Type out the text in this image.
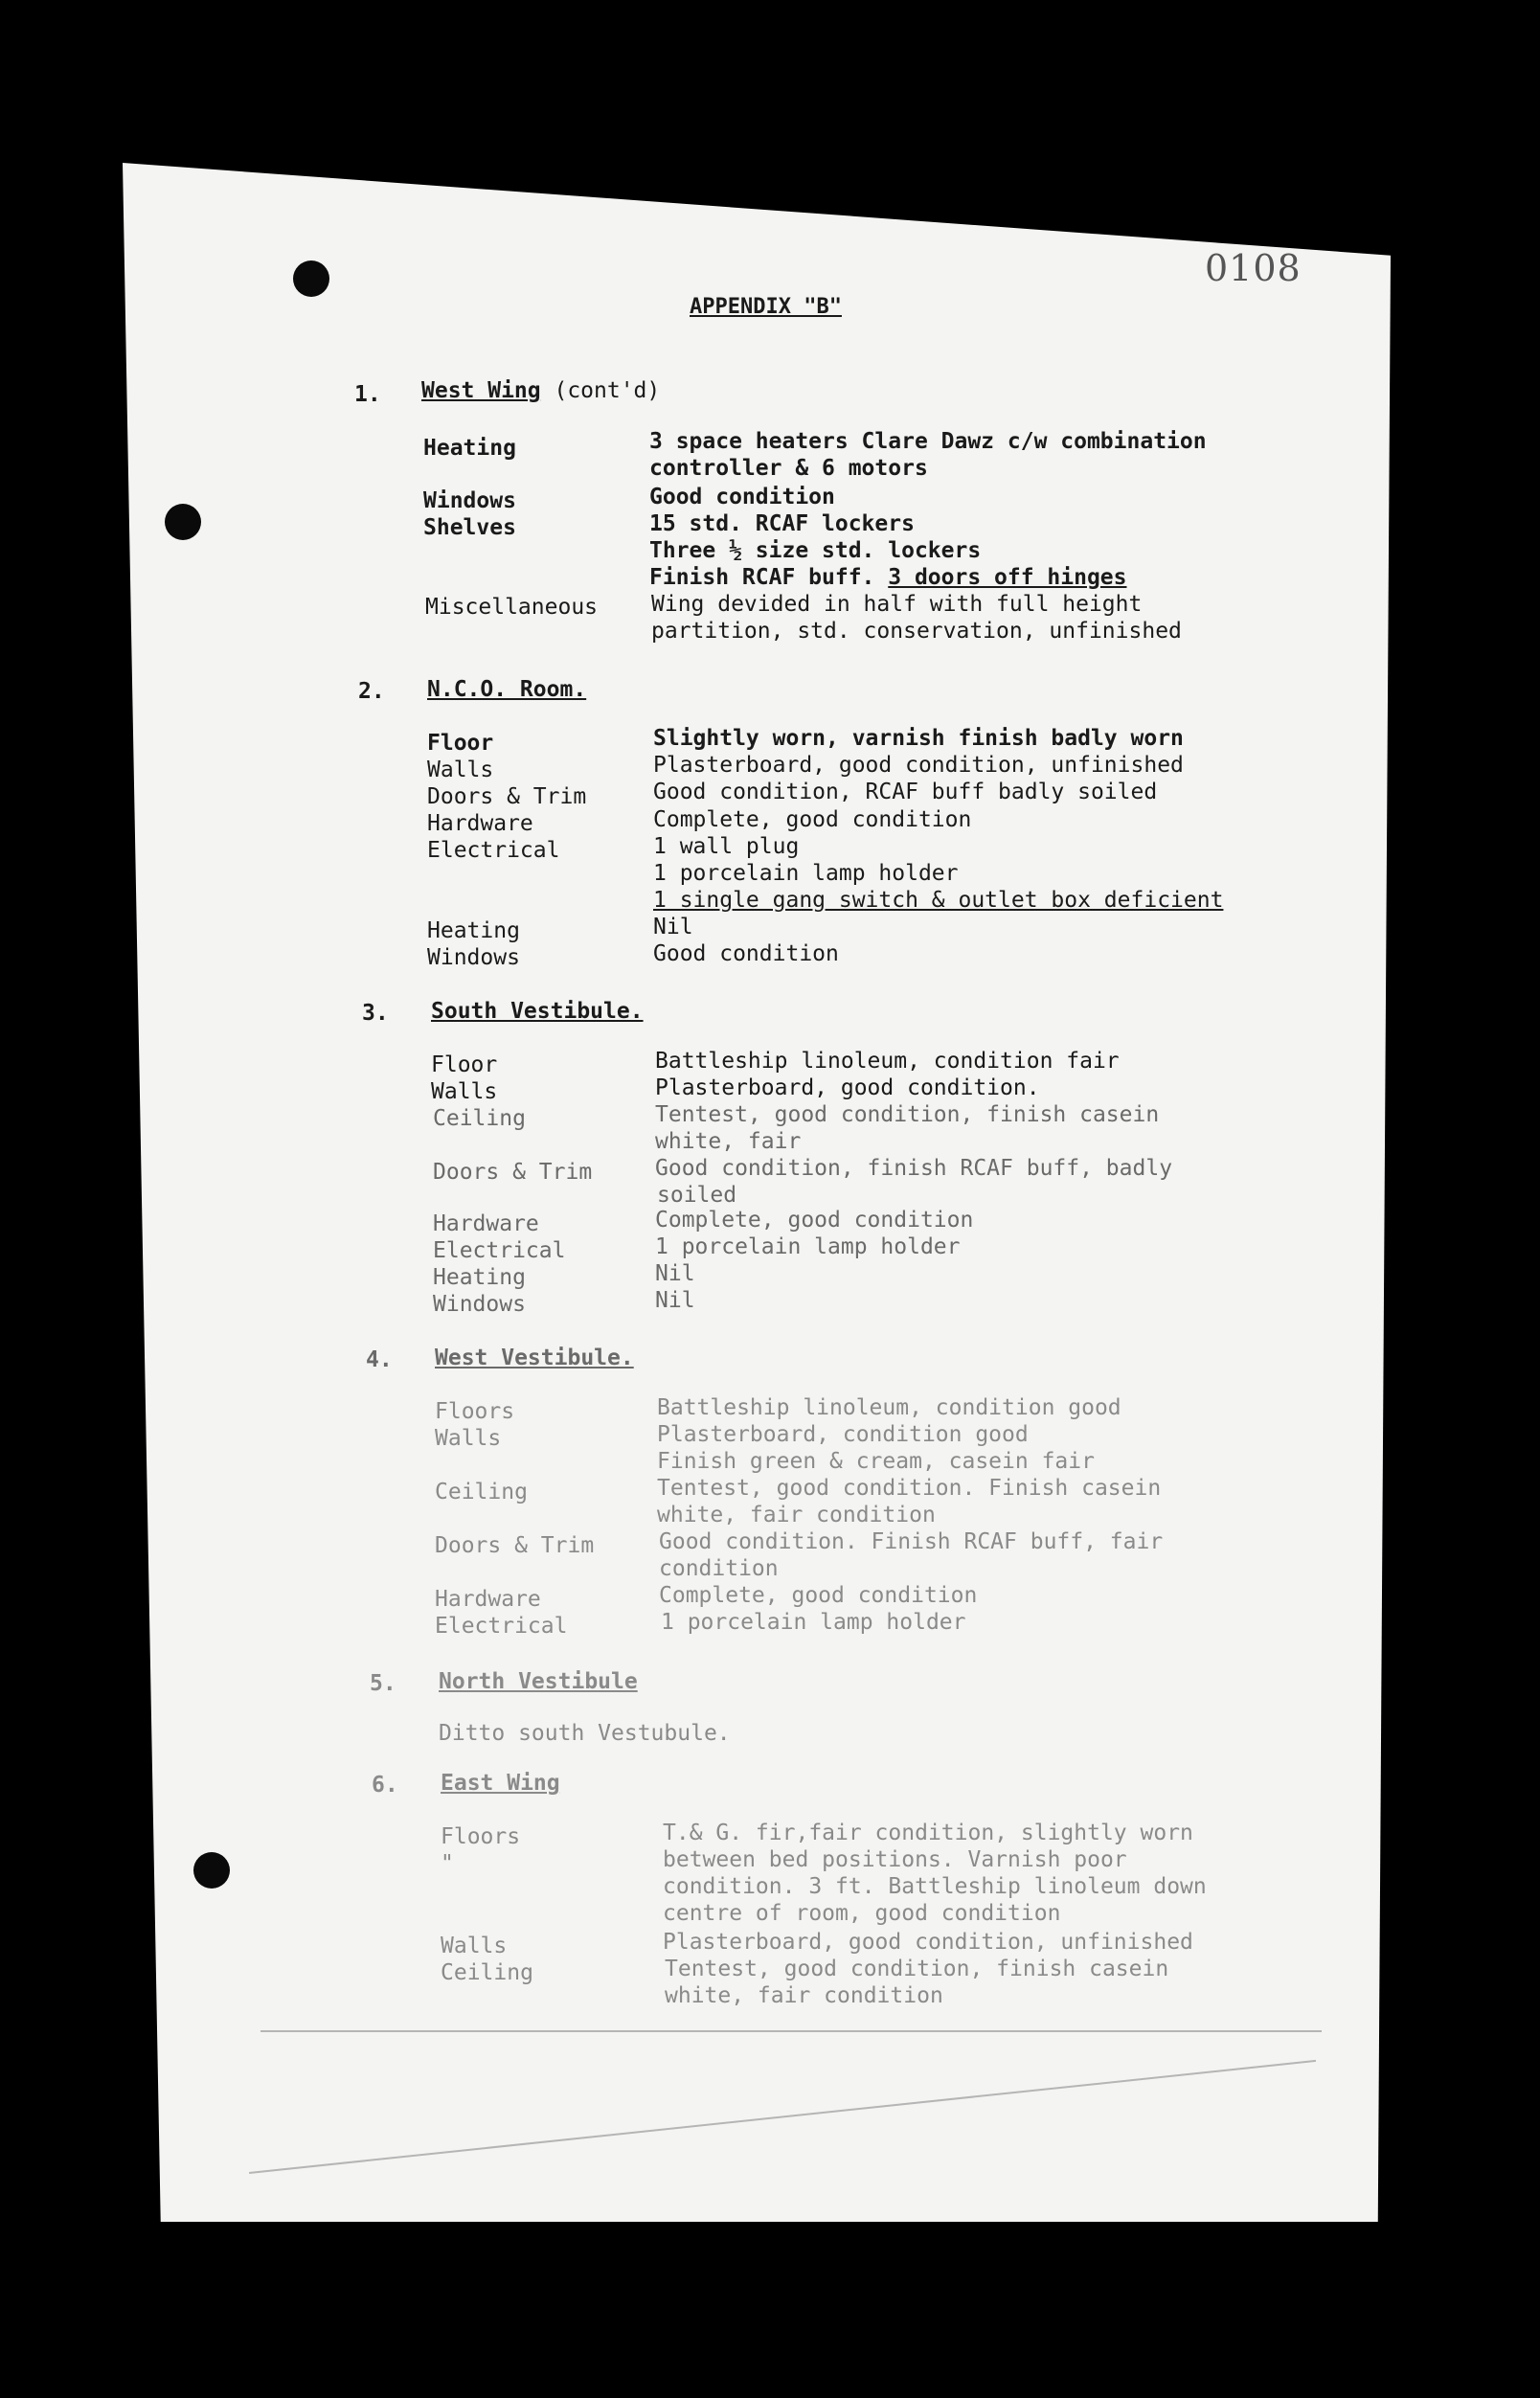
0108
APPENDIX "B"
1. West Wing (cont'd)
Heating	3 space heaters Clare Dawz c/w combination
controller & 6 motors
Windows	Good condition
Shelves	15 std. RCAF lockers
Three ½ size std. lockers
Finish RCAF buff. 3 doors off hinges
Miscellaneous Wing devided in half with full height
partition, std. conservation, unfinished
2. N.C.O. Room.
Floor	Slightly worn, varnish finish badly worn
Walls	Plasterboard, good condition, unfinished
Doors & Trim	Good condition, RCAF buff badly soiled
Hardware	Complete, good condition
Electrical	1 wall plug
1 porcelain lamp holder
1 single gang switch & outlet box deficient
Heating	Nil
Windows	Good condition
3. South Vestibule.
Floor	Battleship linoleum, condition fair
Walls	Plasterboard, good condition.
Ceiling	Tentest, good condition, finish casein
white, fair
Doors & Trim	Good condition, finish RCAF buff, badly
soiled
Hardware	Complete, good condition
Electrical	1 porcelain lamp holder
Heating	Nil
Windows	Nil
4. West Vestibule.
Floors	Battleship linoleum, condition good
Walls	Plasterboard, condition good
Finish green & cream, casein fair
Ceiling	Tentest, good condition. Finish casein
white, fair condition
Doors & Trim	Good condition. Finish RCAF buff, fair
condition
Hardware	Complete, good condition
Electrical	1 porcelain lamp holder
5. North Vestibule
Ditto south Vestubule.
6. East Wing
Floors	T.& G. fir,fair condition, slightly worn
"	between bed positions. Varnish poor
condition. 3 ft. Battleship linoleum down
centre of room, good condition
Walls	Plasterboard, good condition, unfinished
Ceiling	Tentest, good condition, finish casein
white, fair condition
